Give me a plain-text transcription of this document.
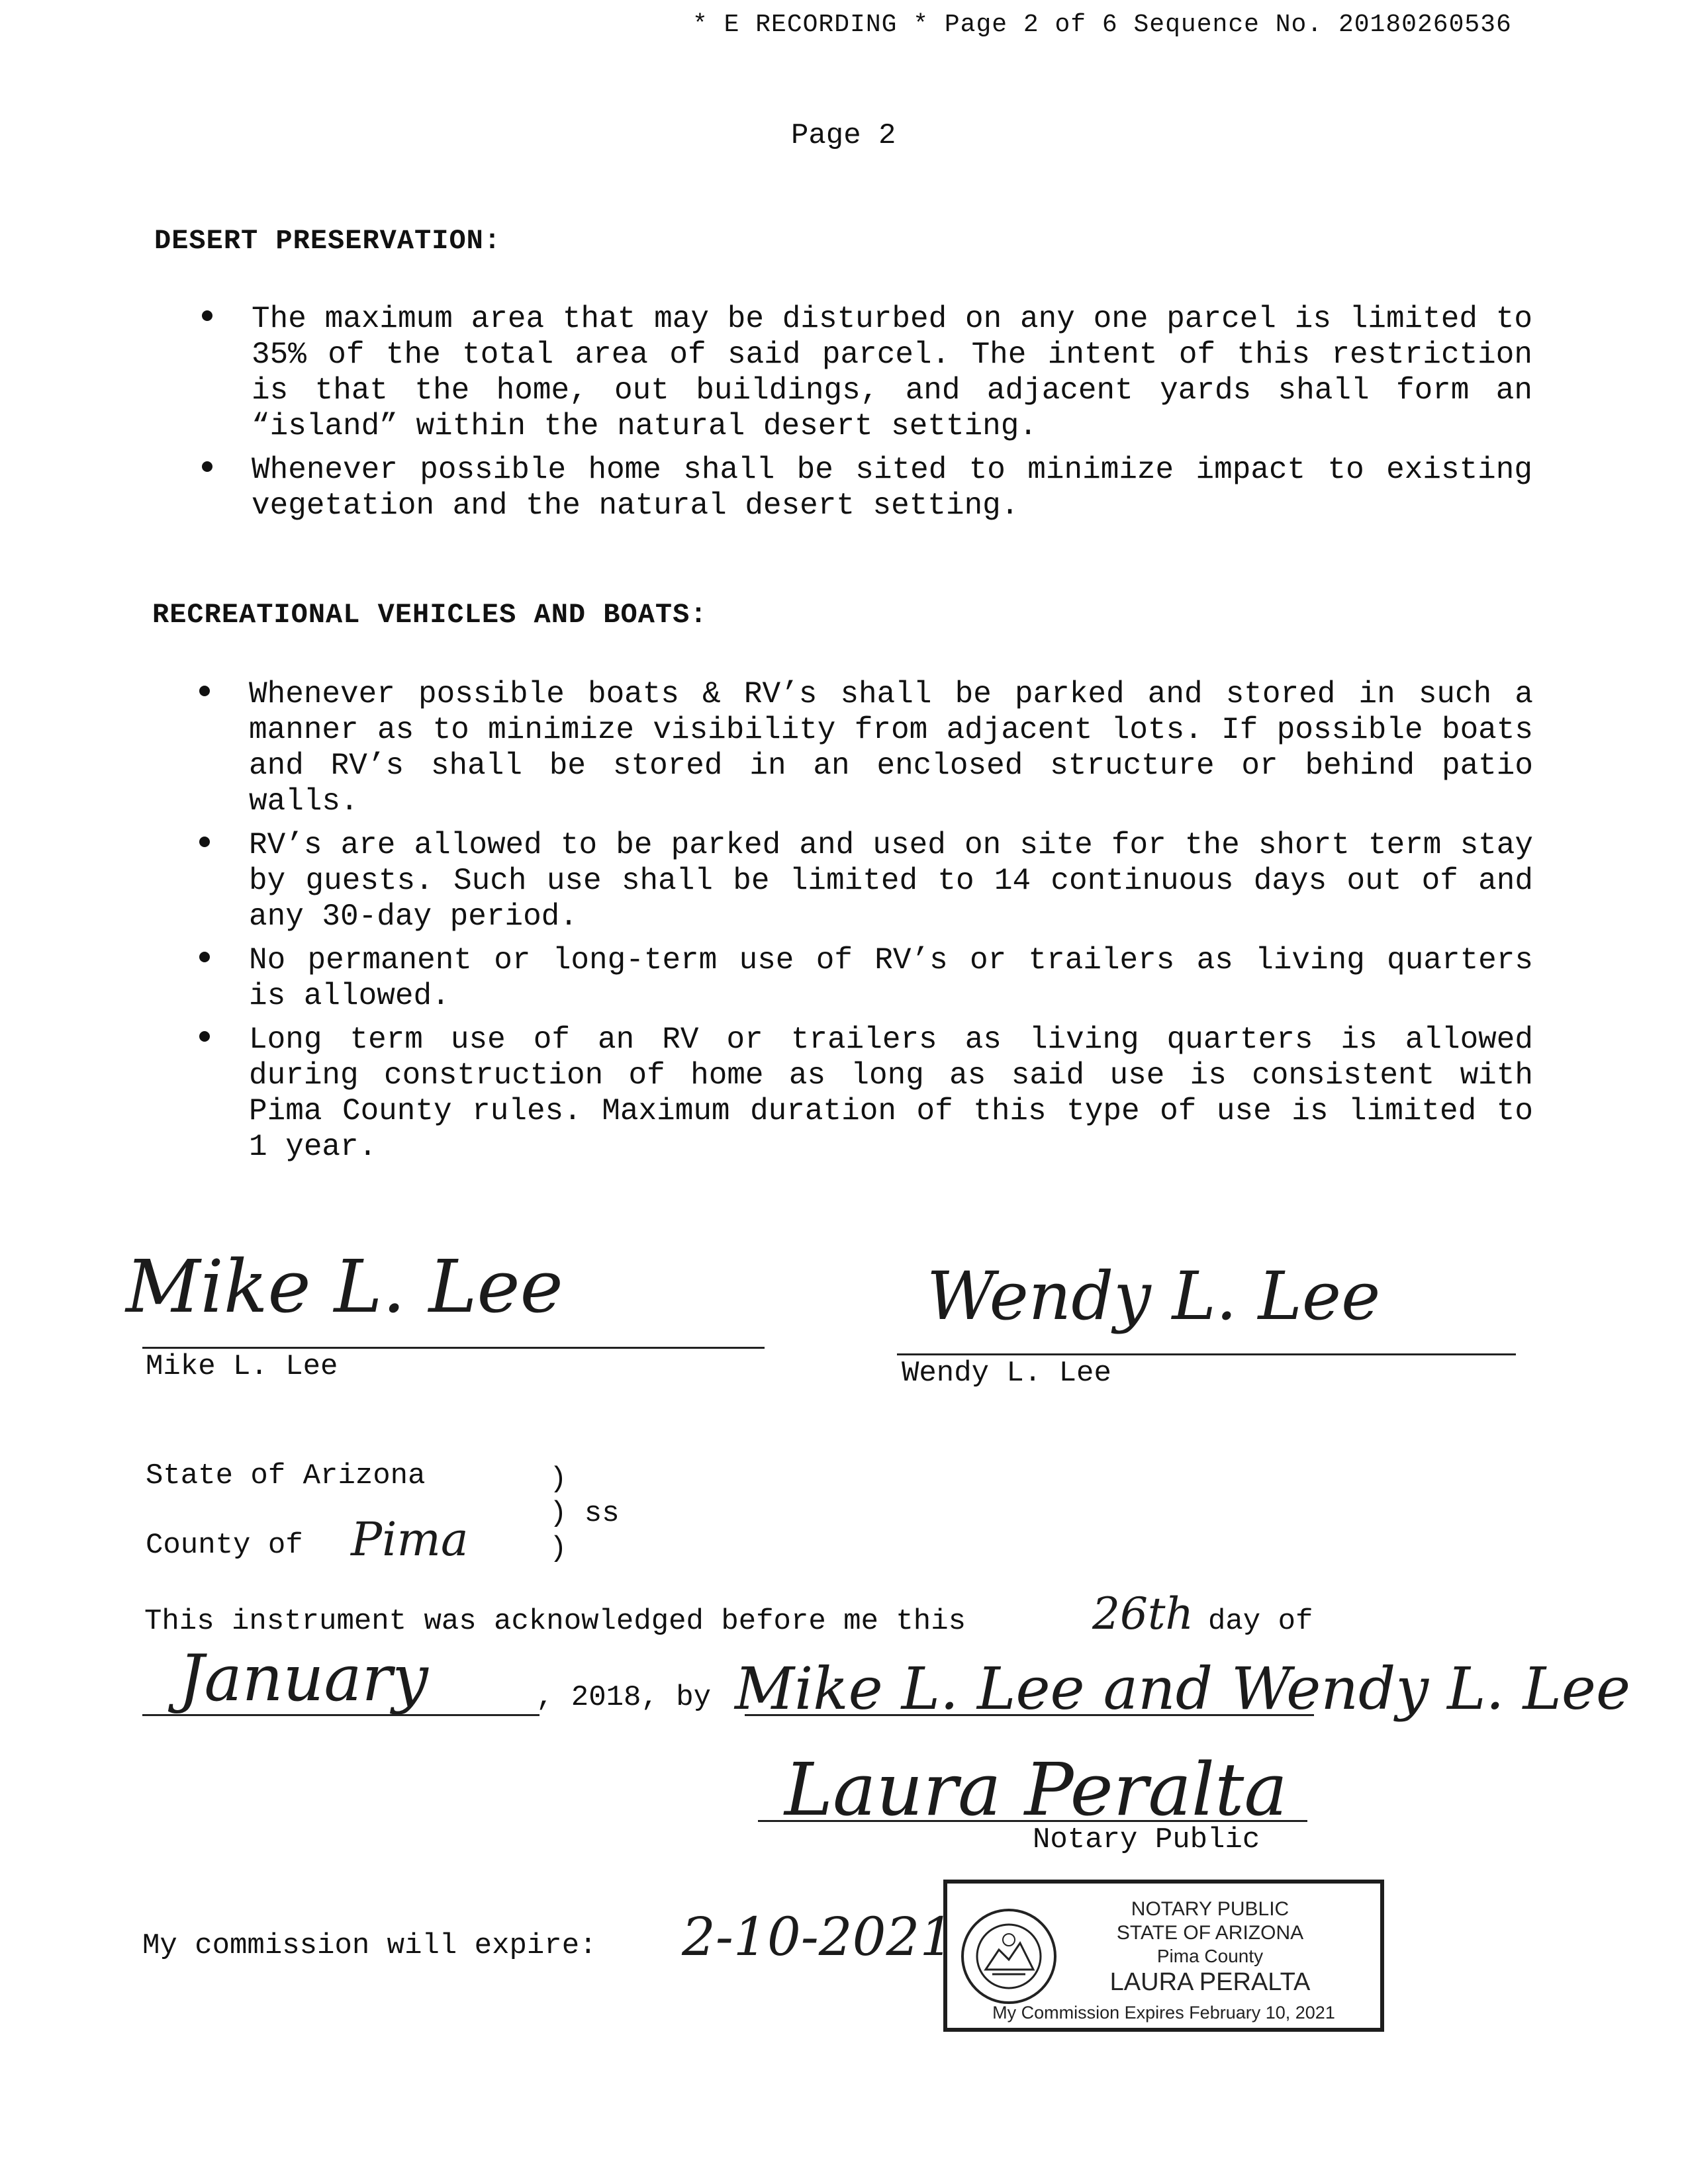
* E RECORDING * Page 2 of 6 Sequence No. 20180260536
Page 2
DESERT PRESERVATION:
The maximum area that may be disturbed on any one parcel is limited to 35% of the total area of said parcel. The intent of this restriction is that the home, out buildings, and adjacent yards shall form an “island” within the natural desert setting.
Whenever possible home shall be sited to minimize impact to existing vegetation and the natural desert setting.
RECREATIONAL VEHICLES AND BOATS:
Whenever possible boats & RV’s shall be parked and stored in such a manner as to minimize visibility from adjacent lots. If possible boats and RV’s shall be stored in an enclosed structure or behind patio walls.
RV’s are allowed to be parked and used on site for the short term stay by guests. Such use shall be limited to 14 continuous days out of and any 30-day period.
No permanent or long-term use of RV’s or trailers as living quarters is allowed.
Long term use of an RV or trailers as living quarters is allowed during construction of home as long as said use is consistent with Pima County rules. Maximum duration of this type of use is limited to 1 year.
Mike L. Lee
Mike L. Lee
Wendy L. Lee
Wendy L. Lee
State of Arizona	)
) ss
County of Pima	)
This instrument was acknowledged before me this	26th day of
January	, 2018, by Mike L. Lee and Wendy L. Lee
Laura Peralta
Notary Public
My commission will expire: 2-10-2021	NOTARY PUBLIC
STATE OF ARIZONA
Pima County
LAURA PERALTA
My Commission Expires February 10, 2021
